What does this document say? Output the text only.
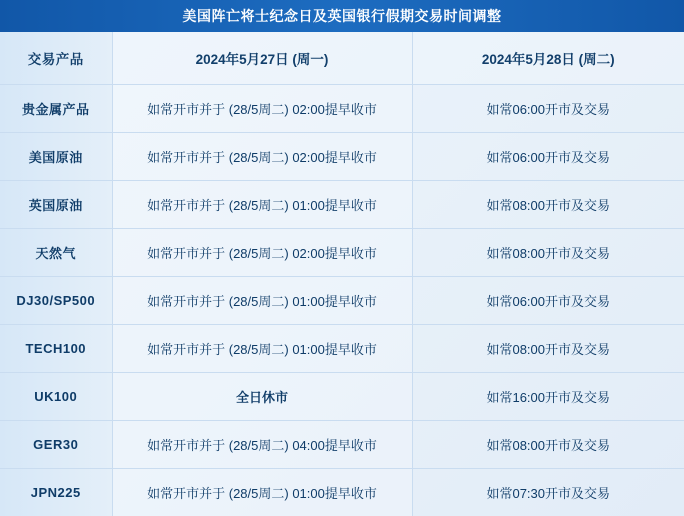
美国阵亡将士纪念日及英国银行假期交易时间调整
交易产品	2024年5月27日 (周一)	2024年5月28日 (周二)
贵金属产品	如常开市并于 (28/5周二) 02:00提早收市	如常06:00开市及交易
美国原油	如常开市并于 (28/5周二) 02:00提早收市	如常06:00开市及交易
英国原油	如常开市并于 (28/5周二) 01:00提早收市	如常08:00开市及交易
天然气	如常开市并于 (28/5周二) 02:00提早收市	如常08:00开市及交易
DJ30/SP500	如常开市并于 (28/5周二) 01:00提早收市	如常06:00开市及交易
TECH100	如常开市并于 (28/5周二) 01:00提早收市	如常08:00开市及交易
UK100	全日休市	如常16:00开市及交易
GER30	如常开市并于 (28/5周二) 04:00提早收市	如常08:00开市及交易
JPN225	如常开市并于 (28/5周二) 01:00提早收市	如常07:30开市及交易
